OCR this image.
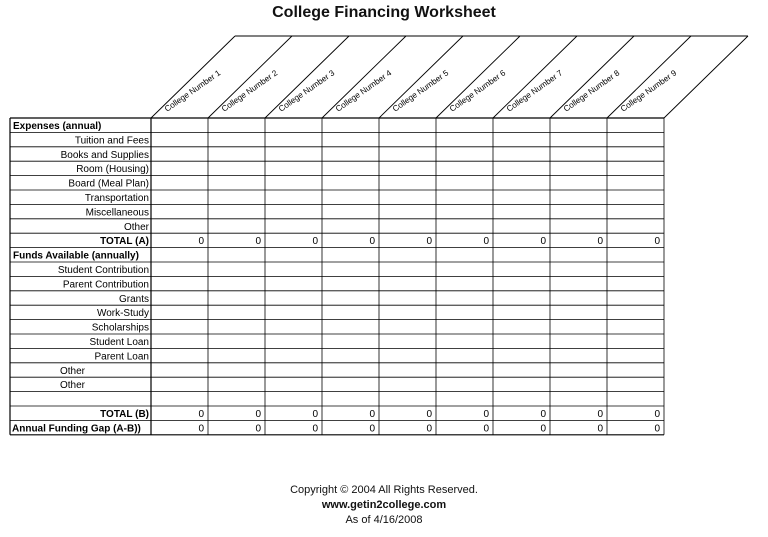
College Financing Worksheet
College Number 1
College Number 2
College Number 3
College Number 4
College Number 5
College Number 6
College Number 7
College Number 8
College Number 9
Expenses (annual)
Tuition and Fees
Books and Supplies
Room (Housing)
Board (Meal Plan)
Transportation
Miscellaneous
Other
TOTAL (A)	0	0	0	0	0	0	0	0	0
Funds Available (annually)
Student Contribution
Parent Contribution
Grants
Work-Study
Scholarships
Student Loan
Parent Loan
Other
Other
TOTAL (B)	0	0	0	0	0	0	0	0	0
Annual Funding Gap (A-B))	0	0	0	0	0	0	0	0	0
Copyright © 2004 All Rights Reserved.
www.getin2college.com
As of 4/16/2008
